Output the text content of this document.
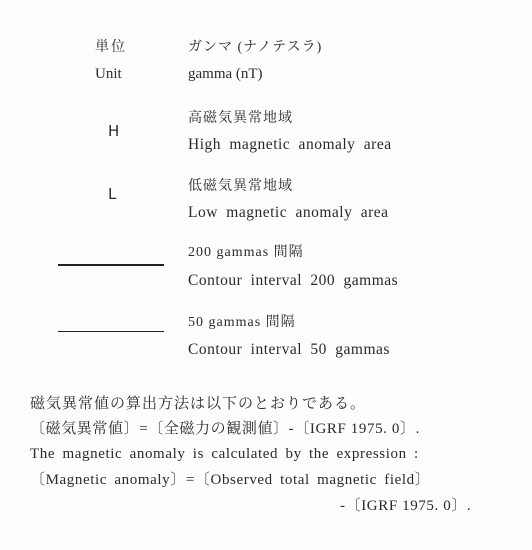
単位
Unit
ガンマ (ナノテスラ)
gamma (nT)
H
高磁気異常地域
High magnetic anomaly area
L	低磁気異常地域
Low magnetic anomaly area
200 gammas 間隔
Contour interval 200 gammas
50 gammas 間隔
Contour interval 50 gammas
磁気異常値の算出方法は以下のとおりである。
〔磁気異常値〕=〔全磁力の観測値〕-〔IGRF 1975. 0〕.
The magnetic anomaly is calculated by the expression :
〔Magnetic anomaly〕=〔Observed total magnetic field〕
-〔IGRF 1975. 0〕.
